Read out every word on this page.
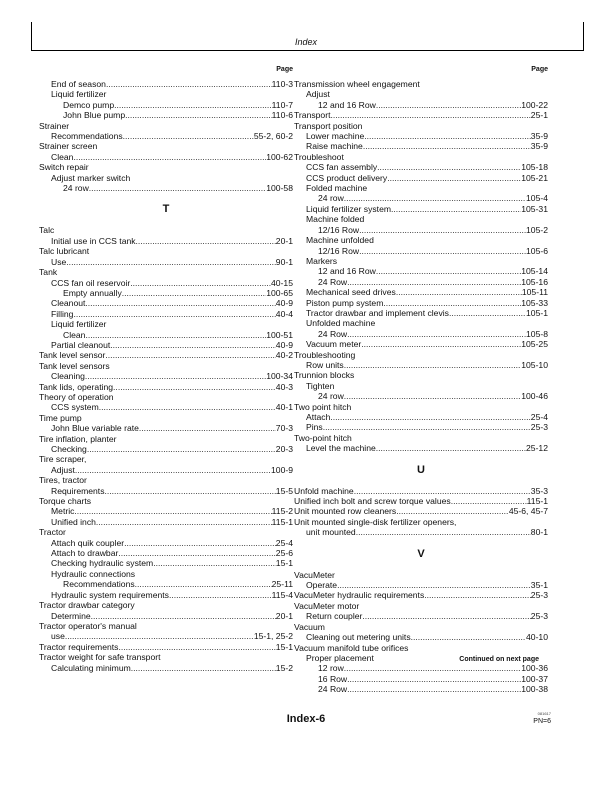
Index
Page
End of season .....	110-3
Liquid fertilizer
Demco pump .....	110-7
John Blue pump .....	110-6
Strainer
Recommendations .....	55-2, 60-2
Strainer screen
Clean .....	100-62
Switch repair
Adjust marker switch
24 row .....	100-58
T
Talc
Initial use in CCS tank .....	20-1
Talc lubricant
Use .....	90-1
Tank
CCS fan oil reservoir .....	40-15
Empty annually .....	100-65
Cleanout .....	40-9
Filling .....	40-4
Liquid fertilizer
Clean .....	100-51
Partial cleanout .....	40-9
Tank level sensor .....	40-2
Tank level sensors
Cleaning .....	100-34
Tank lids, operating .....	40-3
Theory of operation
CCS system .....	40-1
Time pump
John Blue variable rate .....	70-3
Tire inflation, planter
Checking .....	20-3
Tire scraper,
Adjust .....	100-9
Tires, tractor
Requirements .....	15-5
Torque charts
Metric .....	115-2
Unified inch .....	115-1
Tractor
Attach quik coupler .....	25-4
Attach to drawbar .....	25-6
Checking hydraulic system .....	15-1
Hydraulic connections
Recommendations .....	25-11
Hydraulic system requirements .....	115-4
Tractor drawbar category
Determine .....	20-1
Tractor operator's manual
use .....	15-1, 25-2
Tractor requirements .....	15-1
Tractor weight for safe transport
Calculating minimum .....	15-2
Page
Transmission wheel engagement
Adjust
12 and 16 Row .....	100-22
Transport .....	25-1
Transport position
Lower machine .....	35-9
Raise machine .....	35-9
Troubleshoot
CCS fan assembly .....	105-18
CCS product delivery .....	105-21
Folded machine
24 row .....	105-4
Liquid fertilizer system .....	105-31
Machine folded
12/16 Row .....	105-2
Machine unfolded
12/16 Row .....	105-6
Markers
12 and 16 Row .....	105-14
24 Row .....	105-16
Mechanical seed drives .....	105-11
Piston pump system .....	105-33
Tractor drawbar and implement clevis .....	105-1
Unfolded machine
24 Row .....	105-8
Vacuum meter .....	105-25
Troubleshooting
Row units .....	105-10
Trunnion blocks
Tighten
24 row .....	100-46
Two point hitch
Attach .....	25-4
Pins .....	25-3
Two-point hitch
Level the machine .....	25-12
U
Unfold machine .....	35-3
Unified inch bolt and screw torque values .....	115-1
Unit mounted row cleaners .....	45-6, 45-7
Unit mounted single-disk fertilizer openers,
unit mounted .....	80-1
V
VacuMeter
Operate .....	35-1
VacuMeter hydraulic requirements .....	25-3
VacuMeter motor
Return coupler .....	25-3
Vacuum
Cleaning out metering units .....	40-10
Vacuum manifold tube orifices
Proper placement
12 row .....	100-36
16 Row .....	100-37
24 Row .....	100-38
Continued on next page
Index-6	081617
PN=6
